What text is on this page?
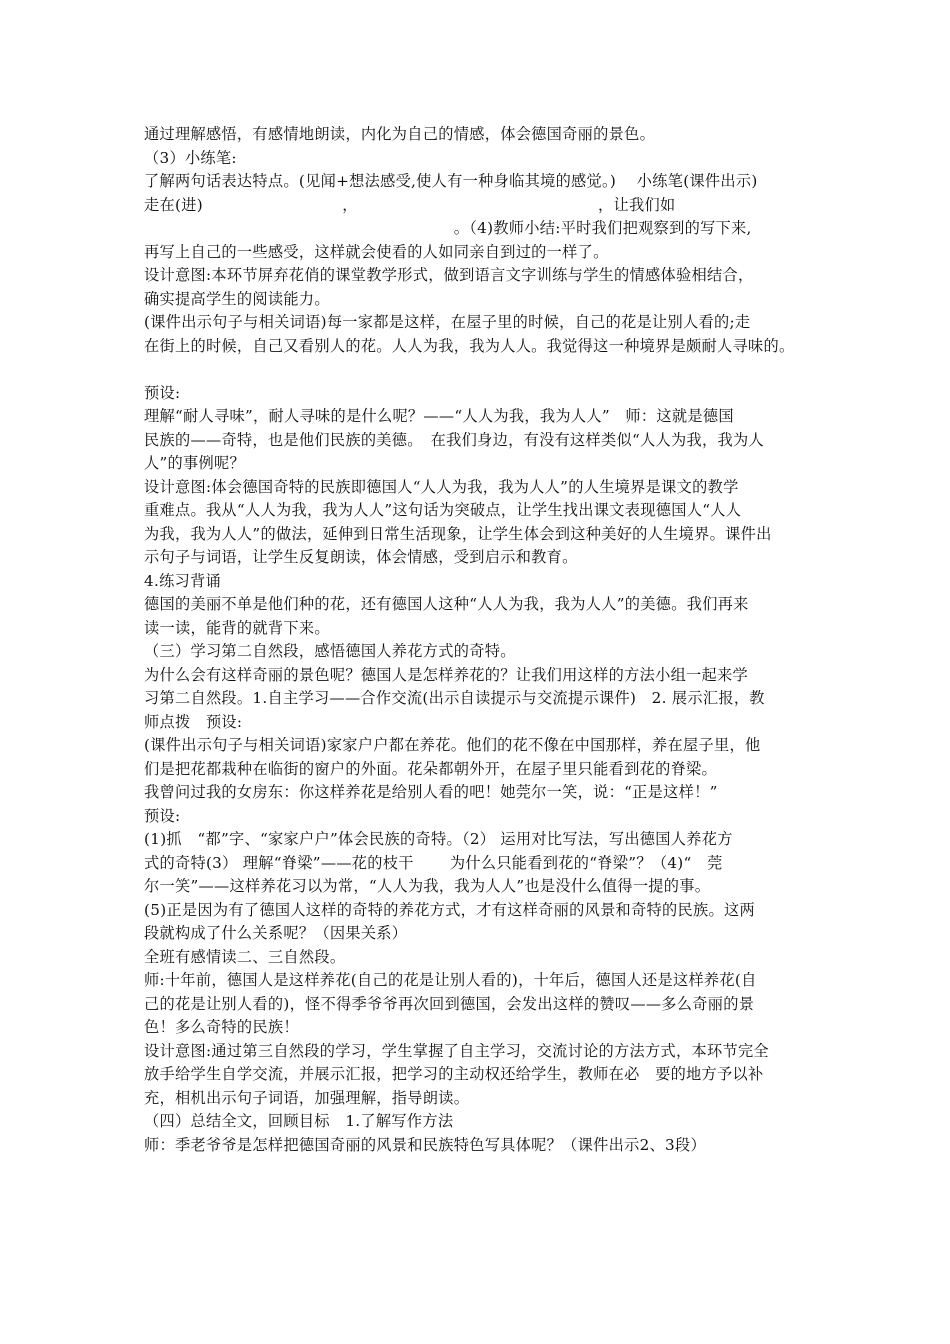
通过理解感悟，有感情地朗读，内化为自己的情感，体会德国奇丽的景色。
（3）小练笔:
了解两句话表达特点。(见闻+想法感受,使人有一种身临其境的感觉。)　 小练笔(课件出示)
走在(进)　　　　　　　　　，　　　　　　　　　　　　　　　　，让我们如
　　　　　　　　　　　　　　　　　　　　。（4)教师小结:平时我们把观察到的写下来,
再写上自己的一些感受，这样就会使看的人如同亲自到过的一样了。
设计意图:本环节屏弃花俏的课堂教学形式，做到语言文字训练与学生的情感体验相结合，
确实提高学生的阅读能力。
(课件出示句子与相关词语)每一家都是这样，在屋子里的时候，自己的花是让别人看的;走
在街上的时候，自己又看别人的花。人人为我，我为人人。我觉得这一种境界是颇耐人寻味的。
预设:
理解“耐人寻味”，耐人寻味的是什么呢？——“人人为我，我为人人”　师：这就是德国
民族的——奇特，也是他们民族的美德。　在我们身边，有没有这样类似“人人为我，我为人
人”的事例呢？
设计意图:体会德国奇特的民族即德国人“人人为我，我为人人”的人生境界是课文的教学
重难点。我从“人人为我，我为人人”这句话为突破点，让学生找出课文表现德国人“人人
为我，我为人人”的做法，延伸到日常生活现象，让学生体会到这种美好的人生境界。课件出
示句子与词语，让学生反复朗读，体会情感，受到启示和教育。
4.练习背诵
德国的美丽不单是他们种的花，还有德国人这种“人人为我，我为人人”的美德。我们再来
读一读，能背的就背下来。
（三）学习第二自然段，感悟德国人养花方式的奇特。
为什么会有这样奇丽的景色呢？德国人是怎样养花的？让我们用这样的方法小组一起来学
习第二自然段。1.自主学习——合作交流(出示自读提示与交流提示课件)　2. 展示汇报，教
师点拨　预设:
(课件出示句子与相关词语)家家户户都在养花。他们的花不像在中国那样，养在屋子里，他
们是把花都栽种在临街的窗户的外面。花朵都朝外开，在屋子里只能看到花的脊梁。
我曾问过我的女房东：你这样养花是给别人看的吧！她莞尔一笑，说：“正是这样！”
预设:
(1)抓　“都”字、“家家户户”体会民族的奇特。（2） 运用对比写法，写出德国人养花方
式的奇特(3） 理解“脊梁”——花的枝干　　 为什么只能看到花的“脊梁”？（4)“　莞
尔一笑”——这样养花习以为常，“人人为我，我为人人”也是没什么值得一提的事。
(5)正是因为有了德国人这样的奇特的养花方式，才有这样奇丽的风景和奇特的民族。这两
段就构成了什么关系呢？（因果关系）
全班有感情读二、三自然段。
师:十年前，德国人是这样养花(自己的花是让别人看的)，十年后，德国人还是这样养花(自
己的花是让别人看的)，怪不得季爷爷再次回到德国，会发出这样的赞叹——多么奇丽的景
色！多么奇特的民族！
设计意图:通过第三自然段的学习，学生掌握了自主学习，交流讨论的方法方式，本环节完全
放手给学生自学交流，并展示汇报，把学习的主动权还给学生，教师在必　要的地方予以补
充，相机出示句子词语，加强理解，指导朗读。
（四）总结全文，回顾目标　1.了解写作方法
师：季老爷爷是怎样把德国奇丽的风景和民族特色写具体呢？（课件出示2、3段）
